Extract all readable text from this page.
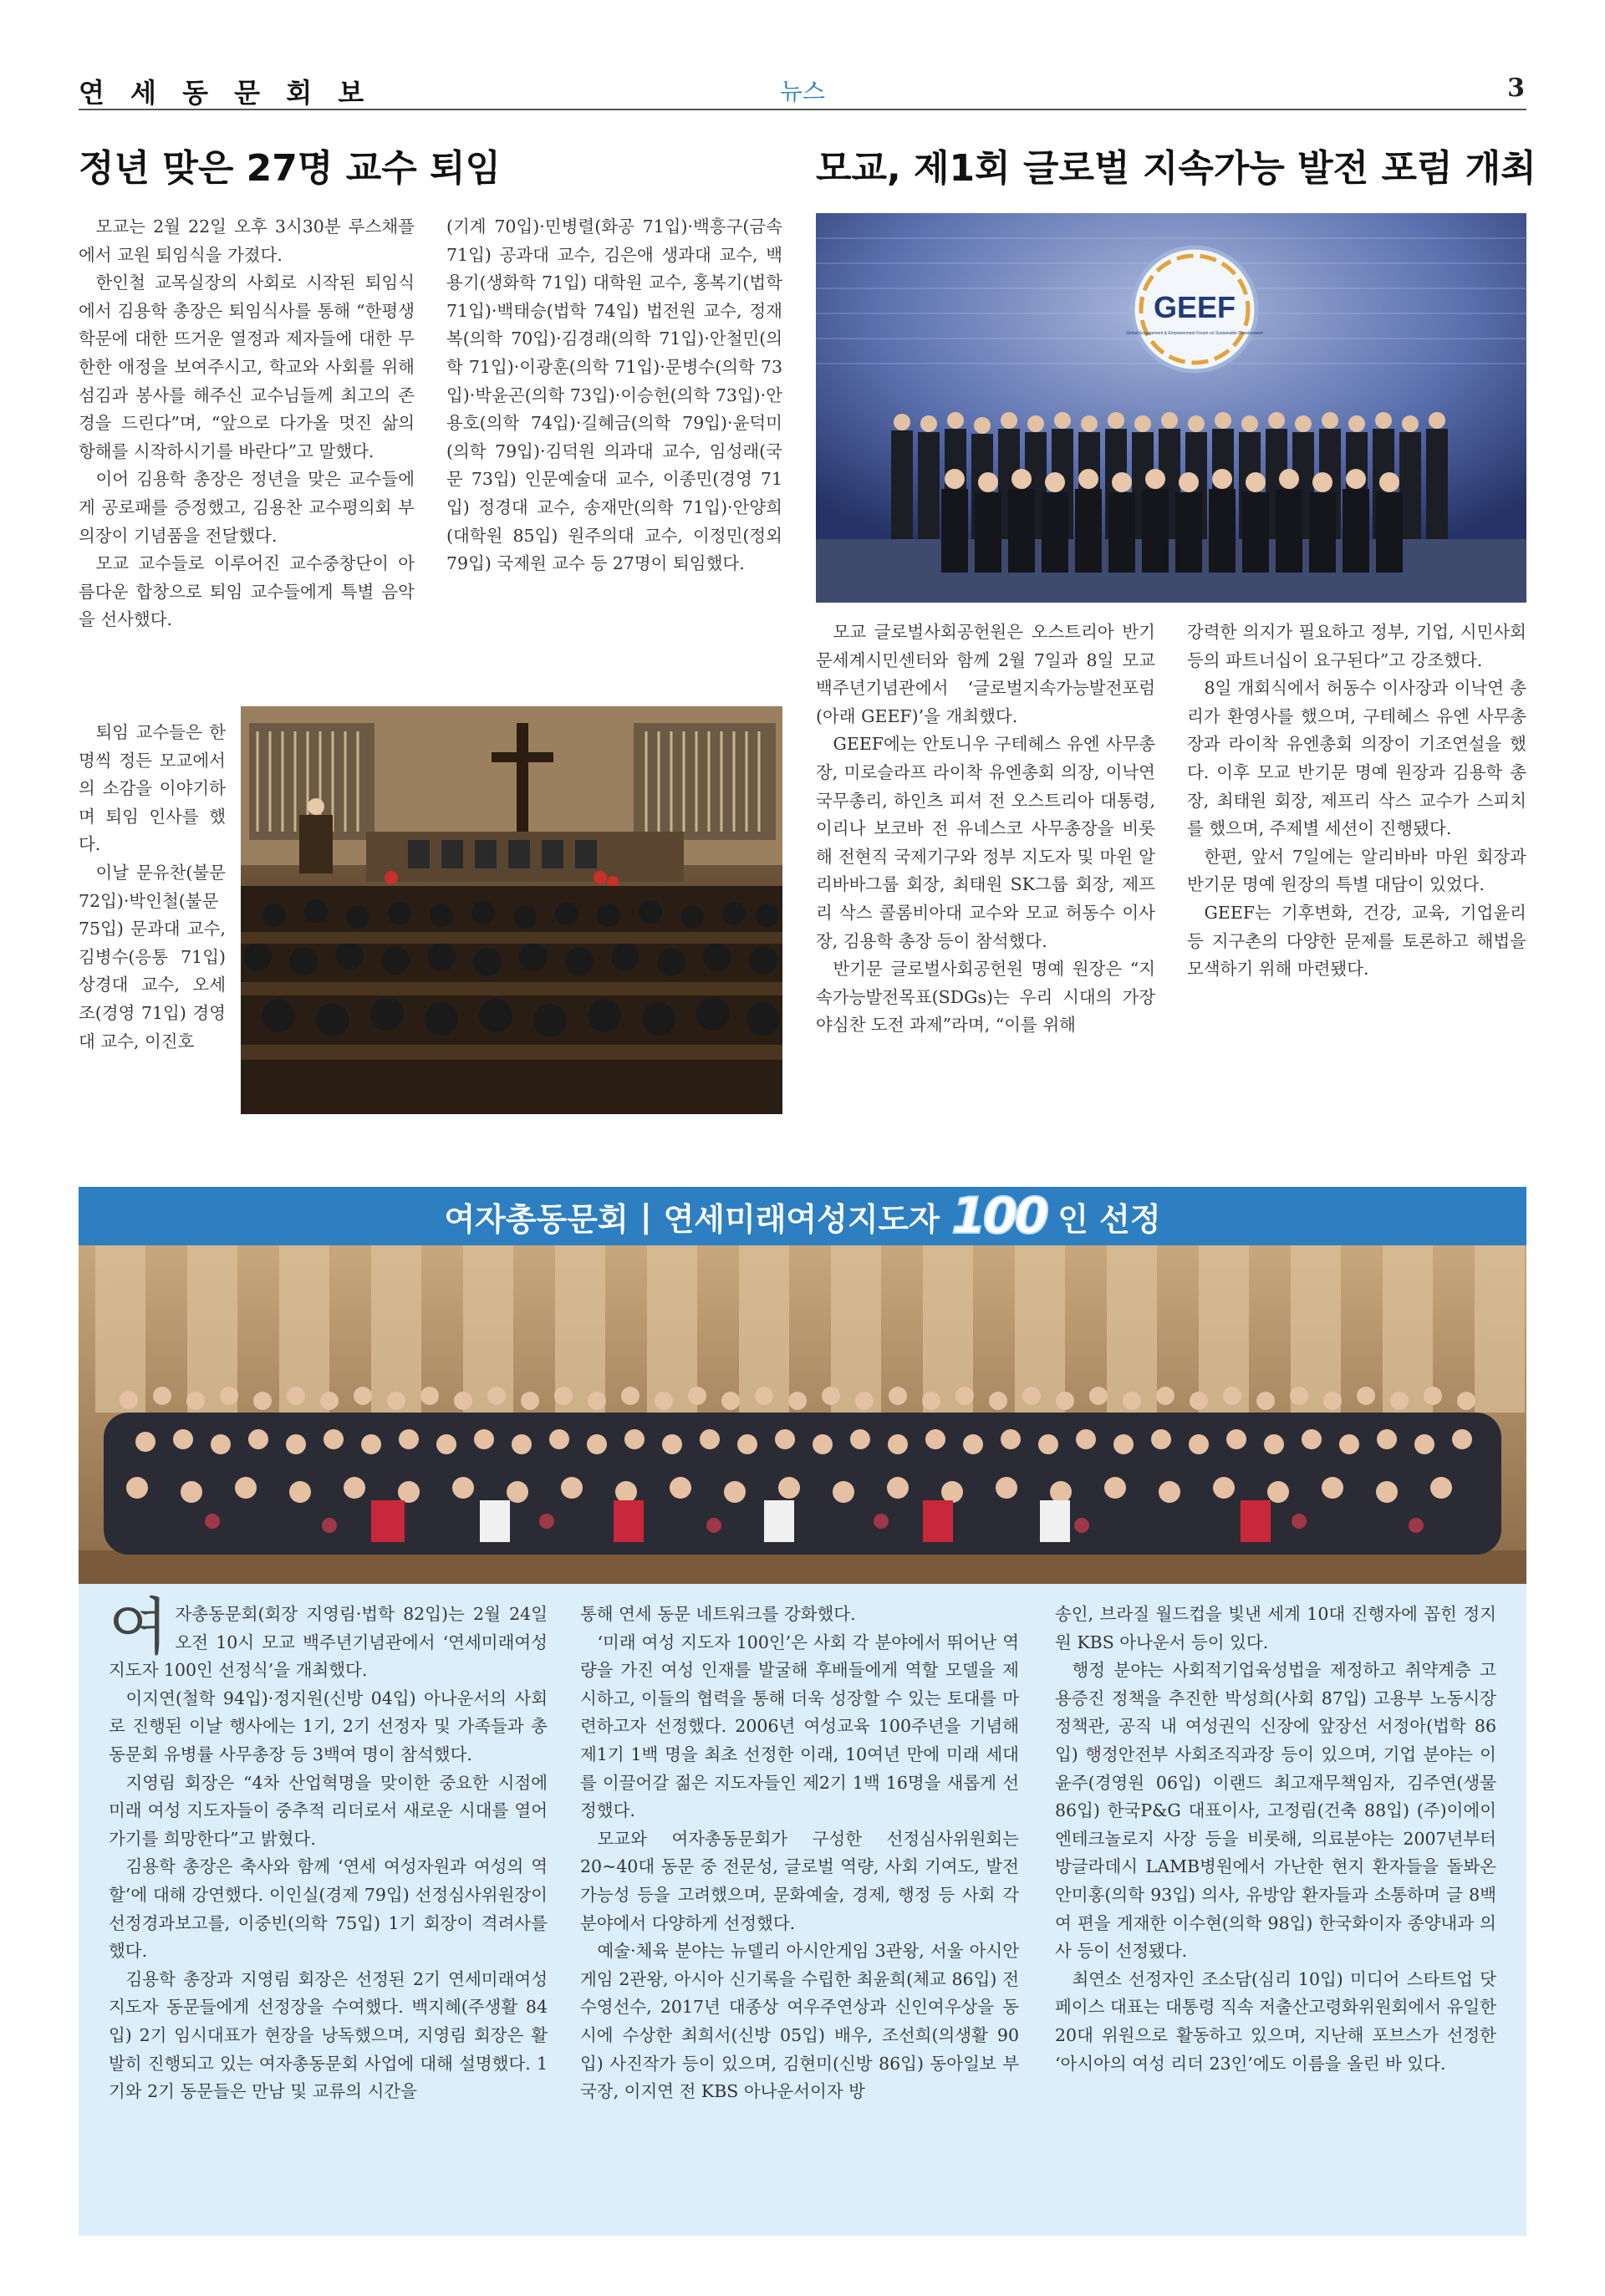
연 세 동 문 회 보	뉴스	3
정년 맞은 27명 교수 퇴임

모교는 2월 22일 오후 3시30분 루스채플에서 교원 퇴임식을 가졌다.

한인철 교목실장의 사회로 시작된 퇴임식에서 김용학 총장은 퇴임식사를 통해 “한평생 학문에 대한 뜨거운 열정과 제자들에 대한 무한한 애정을 보여주시고, 학교와 사회를 위해 섬김과 봉사를 해주신 교수님들께 최고의 존경을 드린다”며, “앞으로 다가올 멋진 삶의 항해를 시작하시기를 바란다”고 말했다.

이어 김용학 총장은 정년을 맞은 교수들에게 공로패를 증정했고, 김용찬 교수평의회 부의장이 기념품을 전달했다.

모교 교수들로 이루어진 교수중창단이 아름다운 합창으로 퇴임 교수들에게 특별 음악을 선사했다.

퇴임 교수들은 한 명씩 정든 모교에서의 소감을 이야기하며 퇴임 인사를 했다.

이날 문유찬(불문 72입)·박인철(불문 75입) 문과대 교수, 김병수(응통 71입) 상경대 교수, 오세조(경영 71입) 경영대 교수, 이진호

(기계 70입)·민병렬(화공 71입)·백흥구(금속 71입) 공과대 교수, 김은애 생과대 교수, 백용기(생화학 71입) 대학원 교수, 홍복기(법학 71입)·백태승(법학 74입) 법전원 교수, 정재복(의학 70입)·김경래(의학 71입)·안철민(의학 71입)·이광훈(의학 71입)·문병수(의학 73입)·박윤곤(의학 73입)·이승헌(의학 73입)·안용호(의학 74입)·길혜금(의학 79입)·윤덕미(의학 79입)·김덕원 의과대 교수, 임성래(국문 73입) 인문예술대 교수, 이종민(경영 71입) 정경대 교수, 송재만(의학 71입)·안양희(대학원 85입) 원주의대 교수, 이정민(정외 79입) 국제원 교수 등 27명이 퇴임했다.

모교, 제1회 글로벌 지속가능 발전 포럼 개최
GEEF
Global Engagement & Empowerment Forum on Sustainable Development

모교 글로벌사회공헌원은 오스트리아 반기문세계시민센터와 함께 2월 7일과 8일 모교 백주년기념관에서 ‘글로벌지속가능발전포럼(아래 GEEF)’을 개최했다.

GEEF에는 안토니우 구테헤스 유엔 사무총장, 미로슬라프 라이착 유엔총회 의장, 이낙연 국무총리, 하인츠 피셔 전 오스트리아 대통령, 이리나 보코바 전 유네스코 사무총장을 비롯해 전현직 국제기구와 정부 지도자 및 마윈 알리바바그룹 회장, 최태원 SK그룹 회장, 제프리 삭스 콜롬비아대 교수와 모교 허동수 이사장, 김용학 총장 등이 참석했다.

반기문 글로벌사회공헌원 명예 원장은 “지속가능발전목표(SDGs)는 우리 시대의 가장 야심찬 도전 과제”라며, “이를 위해

강력한 의지가 필요하고 정부, 기업, 시민사회 등의 파트너십이 요구된다”고 강조했다.

8일 개회식에서 허동수 이사장과 이낙연 총리가 환영사를 했으며, 구테헤스 유엔 사무총장과 라이착 유엔총회 의장이 기조연설을 했다. 이후 모교 반기문 명예 원장과 김용학 총장, 최태원 회장, 제프리 삭스 교수가 스피치를 했으며, 주제별 세션이 진행됐다.

한편, 앞서 7일에는 알리바바 마윈 회장과 반기문 명예 원장의 특별 대담이 있었다.

GEEF는 기후변화, 건강, 교육, 기업윤리 등 지구촌의 다양한 문제를 토론하고 해법을 모색하기 위해 마련됐다.

여자총동문회 | 연세미래여성지도자 100 인 선정

여자총동문회(회장 지영림·법학 82입)는 2월 24일 오전 10시 모교 백주년기념관에서 ‘연세미래여성지도자 100인 선정식’을 개최했다.

이지연(철학 94입)·정지원(신방 04입) 아나운서의 사회로 진행된 이날 행사에는 1기, 2기 선정자 및 가족들과 총동문회 유병률 사무총장 등 3백여 명이 참석했다.

지영림 회장은 “4차 산업혁명을 맞이한 중요한 시점에 미래 여성 지도자들이 중추적 리더로서 새로운 시대를 열어가기를 희망한다”고 밝혔다.

김용학 총장은 축사와 함께 ‘연세 여성자원과 여성의 역할’에 대해 강연했다. 이인실(경제 79입) 선정심사위원장이 선정경과보고를, 이중빈(의학 75입) 1기 회장이 격려사를 했다.

김용학 총장과 지영림 회장은 선정된 2기 연세미래여성지도자 동문들에게 선정장을 수여했다. 백지혜(주생활 84입) 2기 임시대표가 현장을 낭독했으며, 지영림 회장은 활발히 진행되고 있는 여자총동문회 사업에 대해 설명했다. 1기와 2기 동문들은 만남 및 교류의 시간을

통해 연세 동문 네트워크를 강화했다.

‘미래 여성 지도자 100인’은 사회 각 분야에서 뛰어난 역량을 가진 여성 인재를 발굴해 후배들에게 역할 모델을 제시하고, 이들의 협력을 통해 더욱 성장할 수 있는 토대를 마련하고자 선정했다. 2006년 여성교육 100주년을 기념해 제1기 1백 명을 최초 선정한 이래, 10여년 만에 미래 세대를 이끌어갈 젊은 지도자들인 제2기 1백 16명을 새롭게 선정했다.

모교와 여자총동문회가 구성한 선정심사위원회는 20~40대 동문 중 전문성, 글로벌 역량, 사회 기여도, 발전 가능성 등을 고려했으며, 문화예술, 경제, 행정 등 사회 각 분야에서 다양하게 선정했다.

예술·체육 분야는 뉴델리 아시안게임 3관왕, 서울 아시안게임 2관왕, 아시아 신기록을 수립한 최윤희(체교 86입) 전 수영선수, 2017년 대종상 여우주연상과 신인여우상을 동시에 수상한 최희서(신방 05입) 배우, 조선희(의생활 90입) 사진작가 등이 있으며, 김현미(신방 86입) 동아일보 부국장, 이지연 전 KBS 아나운서이자 방

송인, 브라질 월드컵을 빛낸 세계 10대 진행자에 꼽힌 정지원 KBS 아나운서 등이 있다.

행정 분야는 사회적기업육성법을 제정하고 취약계층 고용증진 정책을 추진한 박성희(사회 87입) 고용부 노동시장 정책관, 공직 내 여성권익 신장에 앞장선 서정아(법학 86입) 행정안전부 사회조직과장 등이 있으며, 기업 분야는 이윤주(경영원 06입) 이랜드 최고재무책임자, 김주연(생물 86입) 한국P&G 대표이사, 고정림(건축 88입) (주)이에이엔테크놀로지 사장 등을 비롯해, 의료분야는 2007년부터 방글라데시 LAMB병원에서 가난한 현지 환자들을 돌봐온 안미홍(의학 93입) 의사, 유방암 환자들과 소통하며 글 8백여 편을 게재한 이수현(의학 98입) 한국화이자 종양내과 의사 등이 선정됐다.

최연소 선정자인 조소담(심리 10입) 미디어 스타트업 닷페이스 대표는 대통령 직속 저출산고령화위원회에서 유일한 20대 위원으로 활동하고 있으며, 지난해 포브스가 선정한 ‘아시아의 여성 리더 23인’에도 이름을 올린 바 있다.
